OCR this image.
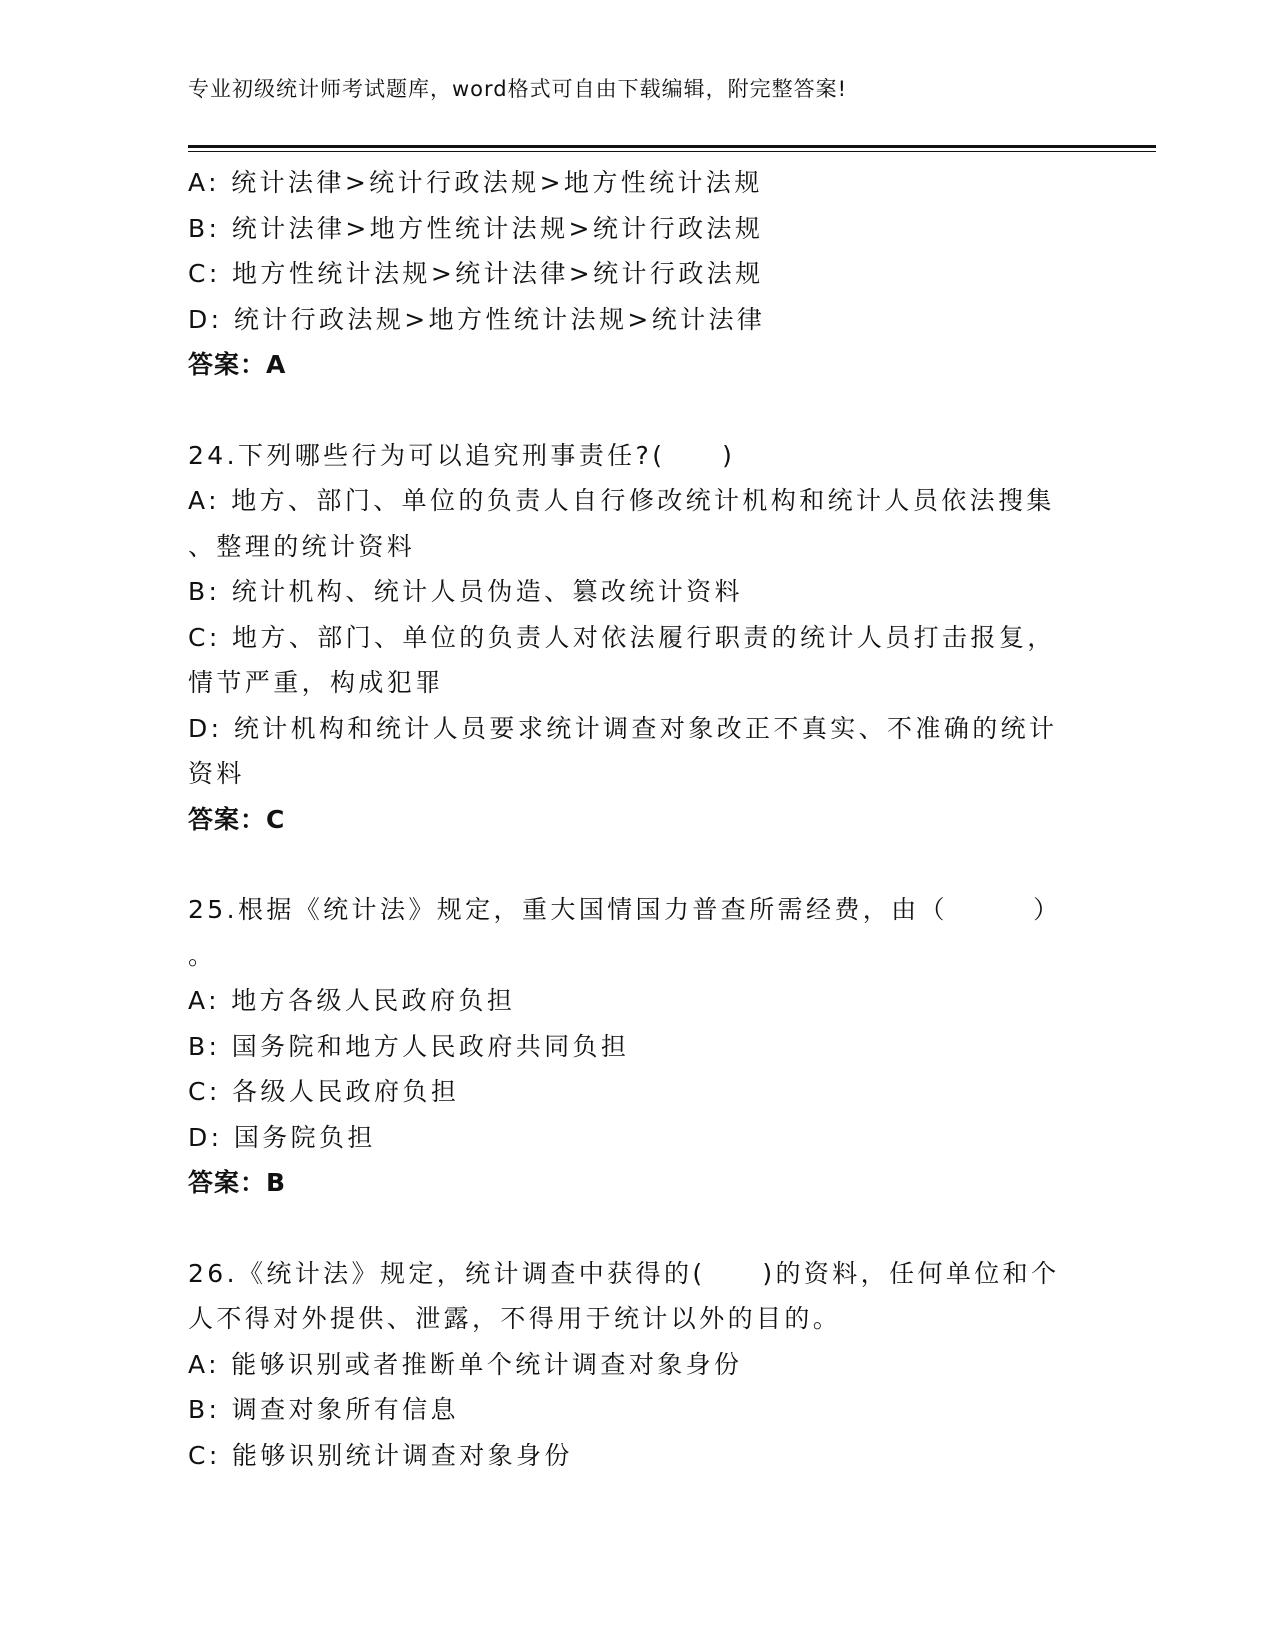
专业初级统计师考试题库，word格式可自由下载编辑，附完整答案!
A: 统计法律>统计行政法规>地方性统计法规
B: 统计法律>地方性统计法规>统计行政法规
C: 地方性统计法规>统计法律>统计行政法规
D: 统计行政法规>地方性统计法规>统计法律
答案：A
24.下列哪些行为可以追究刑事责任?(　　)
A: 地方、部门、单位的负责人自行修改统计机构和统计人员依法搜集
、整理的统计资料
B: 统计机构、统计人员伪造、篡改统计资料
C: 地方、部门、单位的负责人对依法履行职责的统计人员打击报复，
情节严重，构成犯罪
D: 统计机构和统计人员要求统计调查对象改正不真实、不准确的统计
资料
答案：C
25.根据《统计法》规定，重大国情国力普查所需经费，由（　　　）
。
A: 地方各级人民政府负担
B: 国务院和地方人民政府共同负担
C: 各级人民政府负担
D: 国务院负担
答案：B
26.《统计法》规定，统计调查中获得的(　　)的资料，任何单位和个
人不得对外提供、泄露，不得用于统计以外的目的。
A: 能够识别或者推断单个统计调查对象身份
B: 调查对象所有信息
C: 能够识别统计调查对象身份
